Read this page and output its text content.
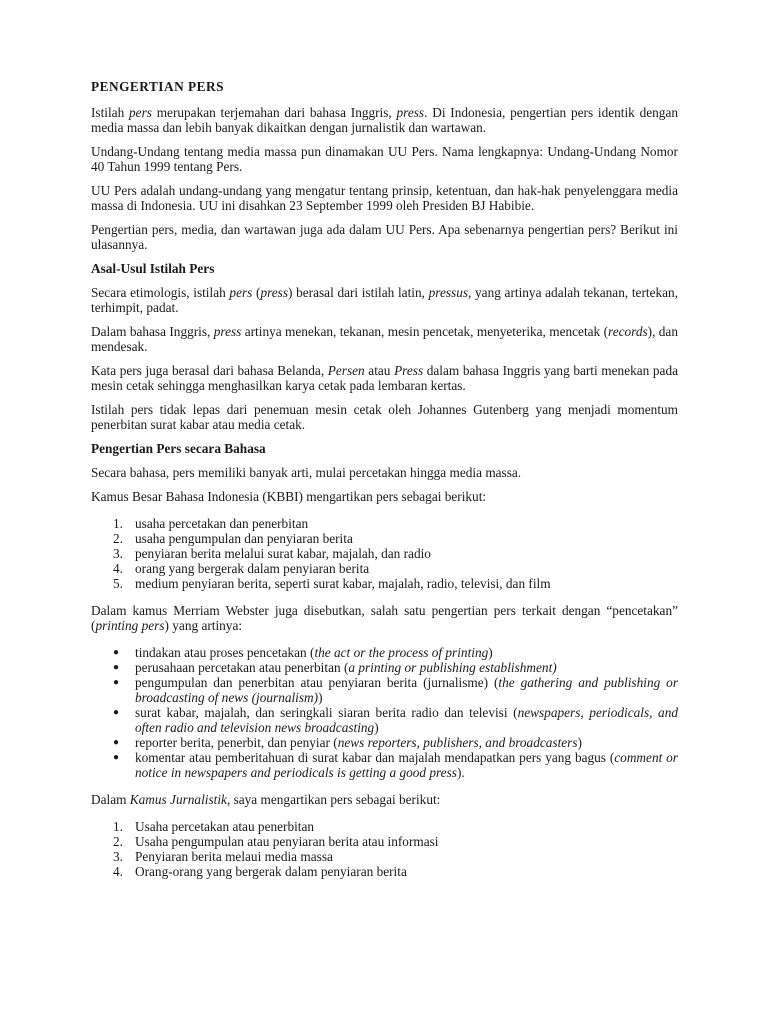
PENGERTIAN PERS

Istilah pers merupakan terjemahan dari bahasa Inggris, press. Di Indonesia, pengertian pers identik dengan media massa dan lebih banyak dikaitkan dengan jurnalistik dan wartawan.

Undang-Undang tentang media massa pun dinamakan UU Pers. Nama lengkapnya: Undang-Undang Nomor 40 Tahun 1999 tentang Pers.

UU Pers adalah undang-undang yang mengatur tentang prinsip, ketentuan, dan hak-hak penyelenggara media massa di Indonesia. UU ini disahkan 23 September 1999 oleh Presiden BJ Habibie.

Pengertian pers, media, dan wartawan juga ada dalam UU Pers. Apa sebenarnya pengertian pers? Berikut ini ulasannya.

Asal-Usul Istilah Pers

Secara etimologis, istilah pers (press) berasal dari istilah latin, pressus, yang artinya adalah tekanan, tertekan, terhimpit, padat.

Dalam bahasa Inggris, press artinya menekan, tekanan, mesin pencetak, menyeterika, mencetak (records), dan mendesak.

Kata pers juga berasal dari bahasa Belanda, Persen atau Press dalam bahasa Inggris yang barti menekan pada mesin cetak sehingga menghasilkan karya cetak pada lembaran kertas.

Istilah pers tidak lepas dari penemuan mesin cetak oleh Johannes Gutenberg yang menjadi momentum penerbitan surat kabar atau media cetak.

Pengertian Pers secara Bahasa

Secara bahasa, pers memiliki banyak arti, mulai percetakan hingga media massa.

Kamus Besar Bahasa Indonesia (KBBI) mengartikan pers sebagai berikut:

1. usaha percetakan dan penerbitan
2. usaha pengumpulan dan penyiaran berita
3. penyiaran berita melalui surat kabar, majalah, dan radio
4. orang yang bergerak dalam penyiaran berita
5. medium penyiaran berita, seperti surat kabar, majalah, radio, televisi, dan film

Dalam kamus Merriam Webster juga disebutkan, salah satu pengertian pers terkait dengan “pencetakan” (printing pers) yang artinya:

● tindakan atau proses pencetakan (the act or the process of printing)
● perusahaan percetakan atau penerbitan (a printing or publishing establishment)
● pengumpulan dan penerbitan atau penyiaran berita (jurnalisme) (the gathering and publishing or broadcasting of news (journalism))
● surat kabar, majalah, dan seringkali siaran berita radio dan televisi (newspapers, periodicals, and often radio and television news broadcasting)
● reporter berita, penerbit, dan penyiar (news reporters, publishers, and broadcasters)
● komentar atau pemberitahuan di surat kabar dan majalah mendapatkan pers yang bagus (comment or notice in newspapers and periodicals is getting a good press).

Dalam Kamus Jurnalistik, saya mengartikan pers sebagai berikut:

1. Usaha percetakan atau penerbitan
2. Usaha pengumpulan atau penyiaran berita atau informasi
3. Penyiaran berita melaui media massa
4. Orang-orang yang bergerak dalam penyiaran berita
